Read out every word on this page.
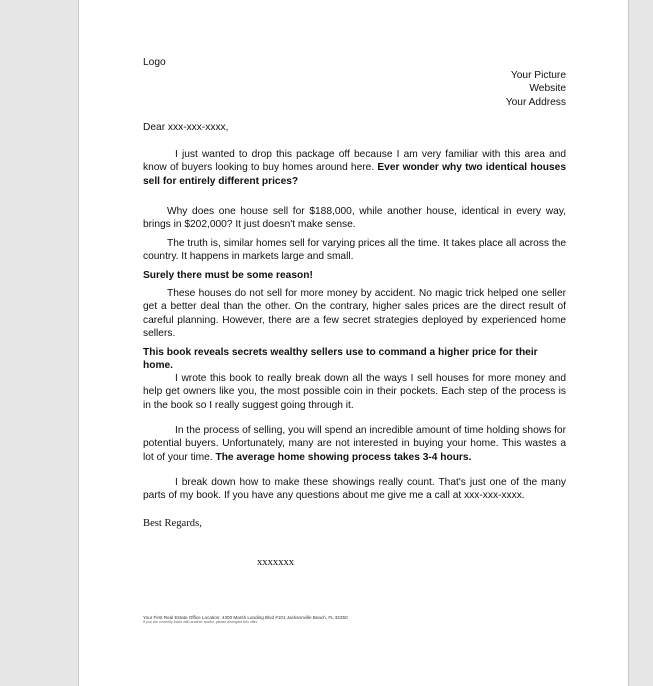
Logo
Your Picture
Website
Your Address
Dear xxx-xxx-xxxx,
I just wanted to drop this package off because I am very familiar with this area and know of buyers looking to buy homes around here. Ever wonder why two identical houses sell for entirely different prices?
Why does one house sell for $188,000, while another house, identical in every way, brings in $202,000? It just doesn't make sense.
The truth is, similar homes sell for varying prices all the time. It takes place all across the country. It happens in markets large and small.
Surely there must be some reason!
These houses do not sell for more money by accident. No magic trick helped one seller get a better deal than the other. On the contrary, higher sales prices are the direct result of careful planning. However, there are a few secret strategies deployed by experienced home sellers.
This book reveals secrets wealthy sellers use to command a higher price for their home.
I wrote this book to really break down all the ways I sell houses for more money and help get owners like you, the most possible coin in their pockets. Each step of the process is in the book so I really suggest going through it.
In the process of selling, you will spend an incredible amount of time holding shows for potential buyers. Unfortunately, many are not interested in buying your home. This wastes a lot of your time. The average home showing process takes 3-4 hours.
I break down how to make these showings really count. That's just one of the many parts of my book. If you have any questions about me give me a call at xxx-xxx-xxxx.
Best Regards,
xxxxxxx
Your First Real Estate Office Location: 4300 Marsh Landing Blvd #101 Jacksonville Beach, FL 32250
If you are currently listed with another realtor, please disregard this offer.
